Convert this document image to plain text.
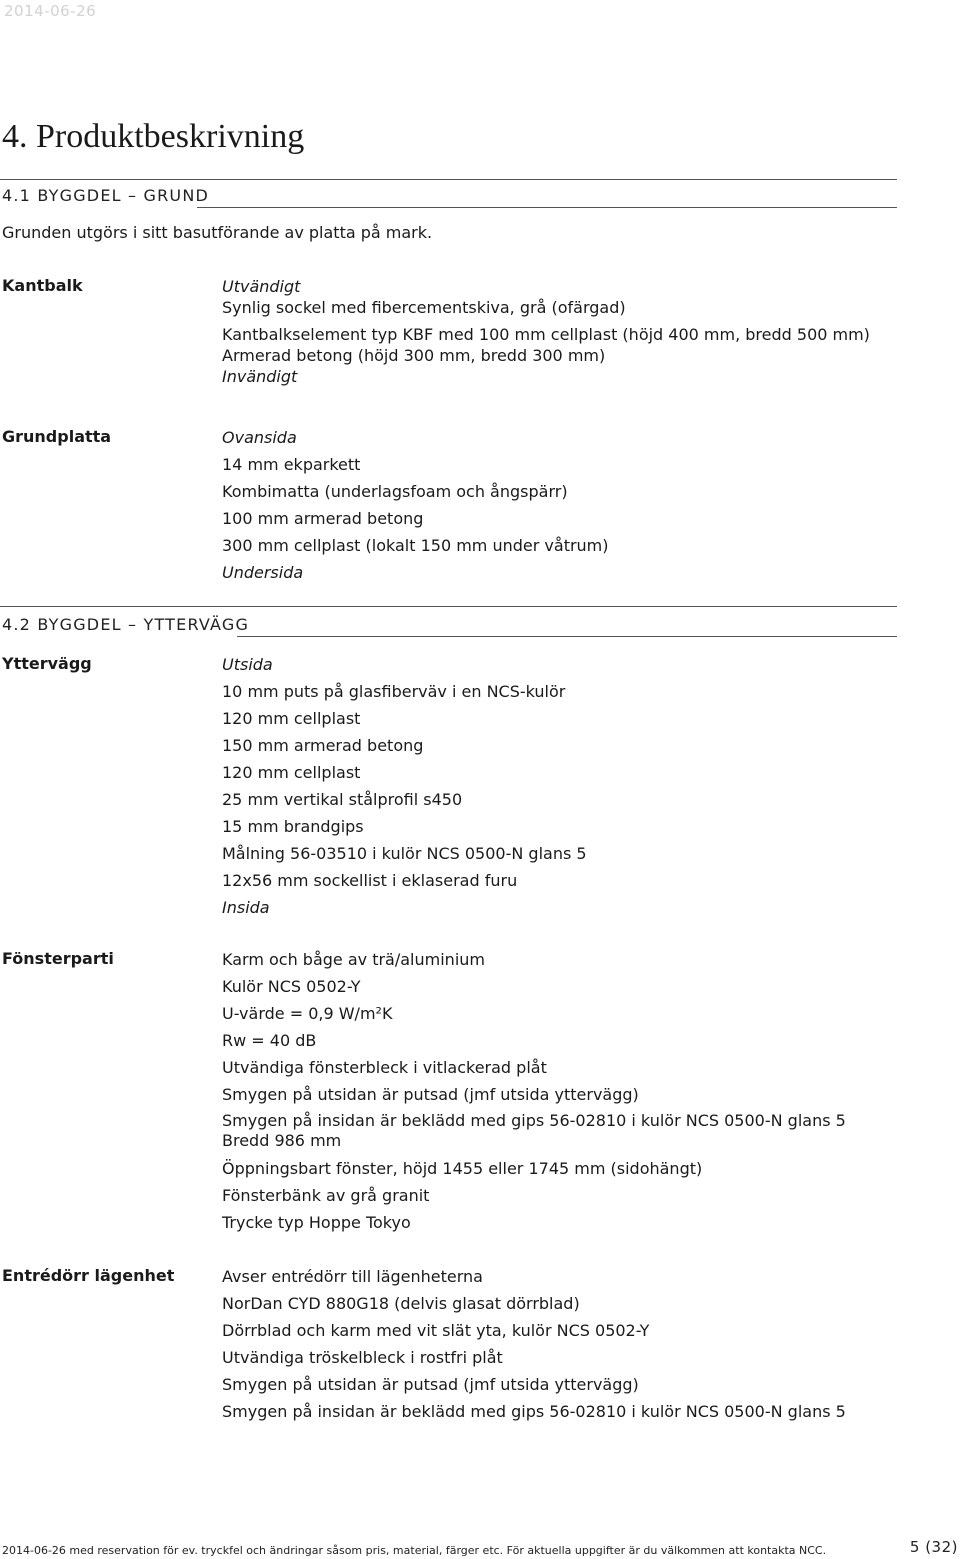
2014-06-26
4. Produktbeskrivning
4.1 BYGGDEL – GRUND
Grunden utgörs i sitt basutförande av platta på mark.
Kantbalk	Utvändigt
Synlig sockel med fibercementskiva, grå (ofärgad)
Kantbalkselement typ KBF med 100 mm cellplast (höjd 400 mm, bredd 500 mm)
Armerad betong (höjd 300 mm, bredd 300 mm)
Invändigt
Grundplatta	Ovansida
14 mm ekparkett
Kombimatta (underlagsfoam och ångspärr)
100 mm armerad betong
300 mm cellplast (lokalt 150 mm under våtrum)
Undersida
4.2 BYGGDEL – YTTERVÄGG
Yttervägg	Utsida
10 mm puts på glasfiberväv i en NCS-kulör
120 mm cellplast
150 mm armerad betong
120 mm cellplast
25 mm vertikal stålprofil s450
15 mm brandgips
Målning 56-03510 i kulör NCS 0500-N glans 5
12x56 mm sockellist i eklaserad furu
Insida
Fönsterparti	Karm och båge av trä/aluminium
Kulör NCS 0502-Y
U-värde = 0,9 W/m²K
Rw = 40 dB
Utvändiga fönsterbleck i vitlackerad plåt
Smygen på utsidan är putsad (jmf utsida yttervägg)
Smygen på insidan är beklädd med gips 56-02810 i kulör NCS 0500-N glans 5 Bredd 986 mm
Öppningsbart fönster, höjd 1455 eller 1745 mm (sidohängt)
Fönsterbänk av grå granit
Trycke typ Hoppe Tokyo
Entrédörr lägenhet	Avser entrédörr till lägenheterna
NorDan CYD 880G18 (delvis glasat dörrblad)
Dörrblad och karm med vit slät yta, kulör NCS 0502-Y
Utvändiga tröskelbleck i rostfri plåt
Smygen på utsidan är putsad (jmf utsida yttervägg)
Smygen på insidan är beklädd med gips 56-02810 i kulör NCS 0500-N glans 5
2014-06-26 med reservation för ev. tryckfel och ändringar såsom pris, material, färger etc. För aktuella uppgifter är du välkommen att kontakta NCC.	5 (32)
